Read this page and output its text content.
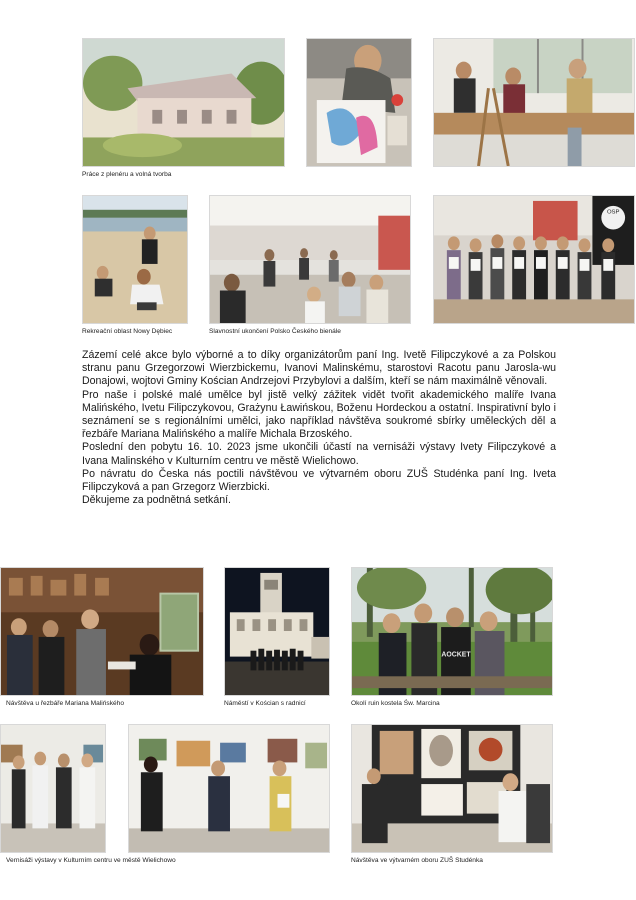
Práce z plenéru a volná tvorba
OSP
Rekreační oblast Nowy Dębiec	Slavnostní ukončení Polsko Českého bienále

Zázemí celé akce bylo výborné a to díky organizátorům paní Ing. Ivetě Filipczykové a za Polskou stranu panu Grzegorzowi Wierzbickemu, Ivanovi Malinskému, starostovi Racotu panu Jarosla-wu Donajowi, wojtovi Gminy Kościan Andrzejovi Przybylovi a dalším, kteří se nám maximálně věnovali.

Pro naše i polské malé umělce byl jistě velký zážitek vidět tvořit akademického malíře Ivana Malińského, Ivetu Filipczykovou, Grażynu Ławińskou, Boženu Hordeckou a ostatní. Inspirativní bylo i seznámení se s regionálními umělci, jako například návštěva soukromé sbírky uměleckých děl a řezbáře Mariana Malińského a malíře Michala Brzoského.

Poslední den pobytu 16. 10. 2023 jsme ukončili účastí na vernisáži výstavy Ivety Filipczykové a Ivana Malinského v Kulturním centru ve městě Wielichowo.

Po návratu do Česka nás poctili návštěvou ve výtvarném oboru ZUŠ Studénka paní Ing. Iveta Filipczyková a pan Grzegorz Wierzbicki.

Děkujeme za podnětná setkání.

AOCKET
Návštěva u řezbáře Mariana Malińského	Náměstí v Kościan s radnicí	Okolí ruin kostela Św. Marcina
Vernisáži výstavy v Kulturním centru ve městě Wielichowo	Návštěva ve výtvarném oboru ZUŠ Studénka
